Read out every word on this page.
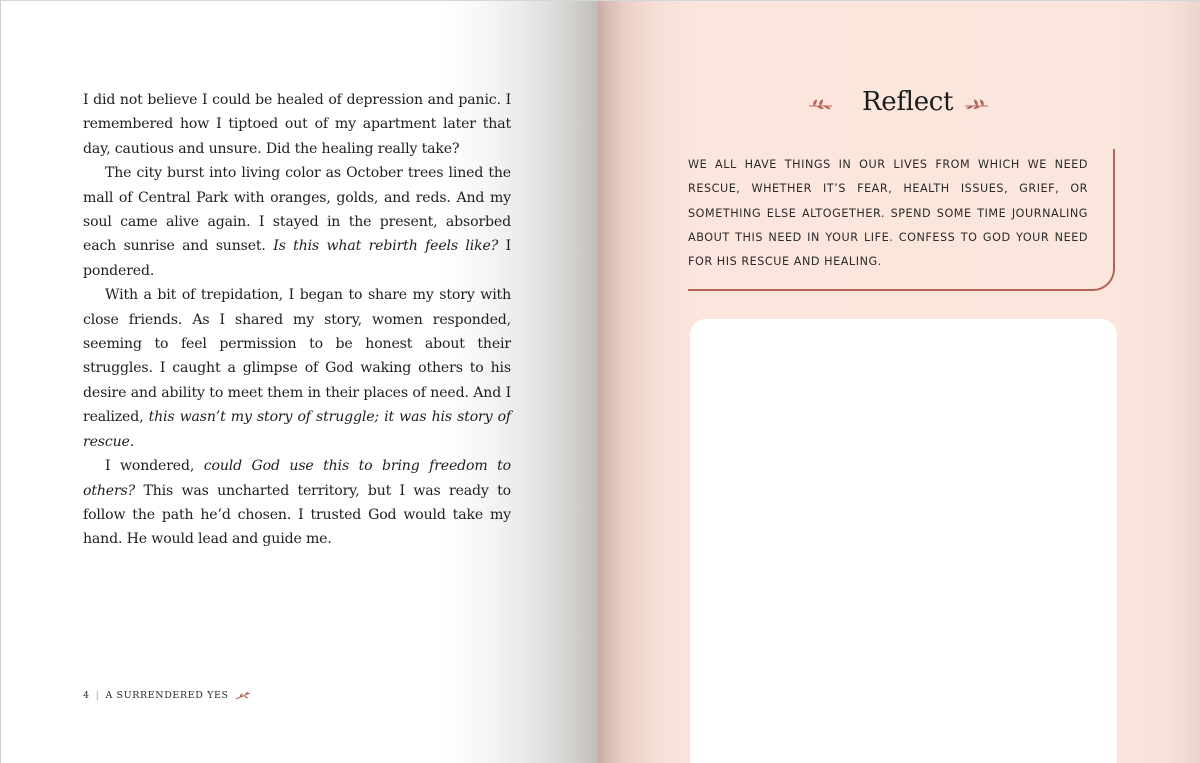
I did not believe I could be healed of depression and panic. I remembered how I tiptoed out of my apartment later that day, cautious and unsure. Did the healing really take?

The city burst into living color as October trees lined the mall of Central Park with oranges, golds, and reds. And my soul came alive again. I stayed in the present, absorbed each sunrise and sunset. Is this what rebirth feels like? I pondered.

With a bit of trepidation, I began to share my story with close friends. As I shared my story, women responded, seeming to feel permission to be honest about their struggles. I caught a glimpse of God waking others to his desire and ability to meet them in their places of need. And I realized, this wasn’t my story of struggle; it was his story of rescue.

I wondered, could God use this to bring freedom to others? This was uncharted territory, but I was ready to follow the path he’d chosen. I trusted God would take my hand. He would lead and guide me.

4 | A SURRENDERED YES
Reflect
WE ALL HAVE THINGS IN OUR LIVES FROM WHICH WE NEED RESCUE, WHETHER IT’S FEAR, HEALTH ISSUES, GRIEF, OR SOMETHING ELSE ALTOGETHER. SPEND SOME TIME JOURNALING ABOUT THIS NEED IN YOUR LIFE. CONFESS TO GOD YOUR NEED FOR HIS RESCUE AND HEALING.
